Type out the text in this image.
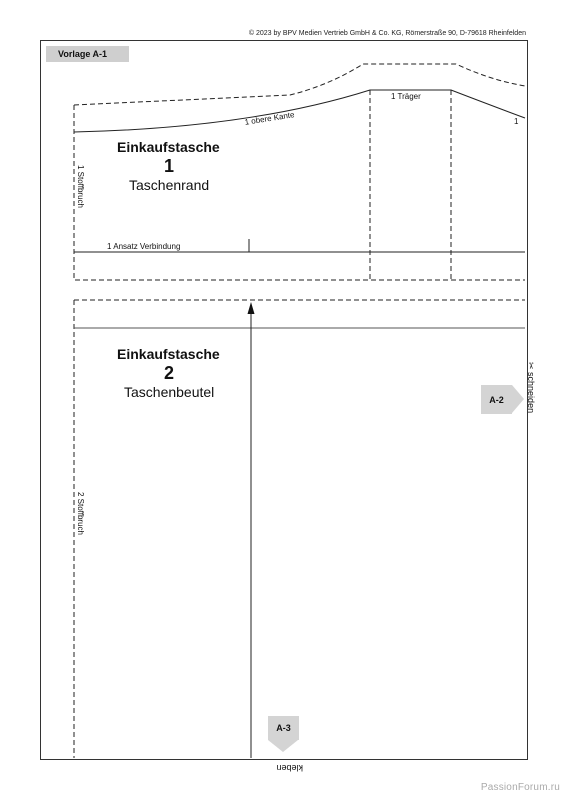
© 2023 by BPV Medien Vertrieb GmbH & Co. KG, Römerstraße 90, D-79618 Rheinfelden
Vorlage A-1
Einkaufstasche
1
Taschenrand
1 Stoffbruch
1 obere Kante
1 Träger
1
1 Ansatz Verbindung
Einkaufstasche
2
Taschenbeutel
2 Stoffbruch
A-2
A-3
✂ schneiden
kleben
PassionForum.ru
